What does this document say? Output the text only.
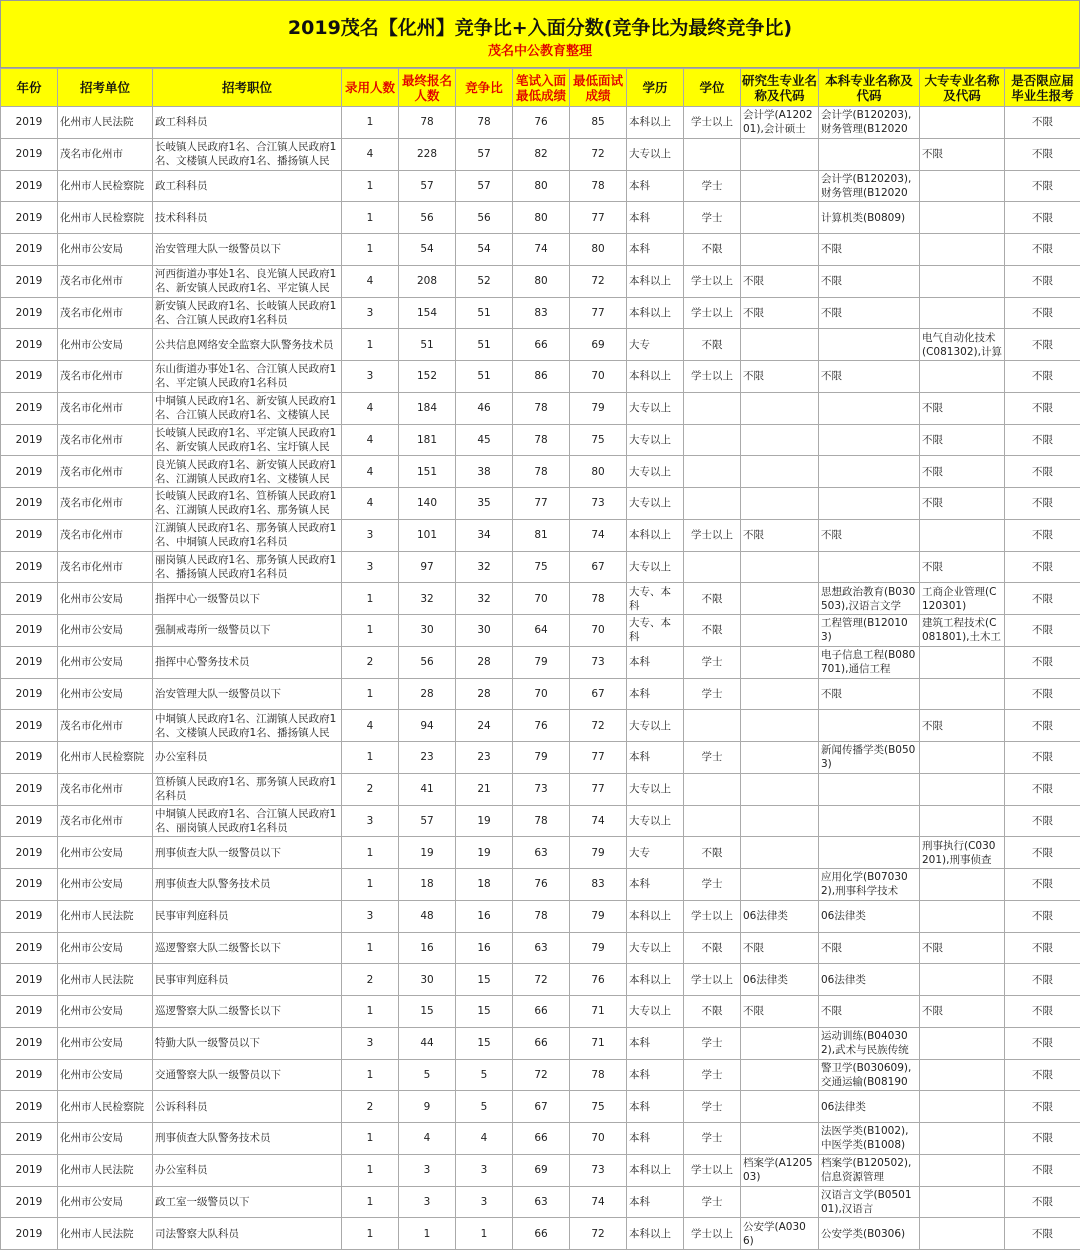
2019茂名【化州】竞争比+入面分数(竞争比为最终竞争比)
茂名中公教育整理
年份	招考单位	招考职位	录用人数	最终报名人数	竞争比	笔试入面最低成绩	最低面试成绩	学历	学位	研究生专业名称及代码	本科专业名称及代码	大专专业名称及代码	是否限应届毕业生报考

2019	化州市人民法院	政工科科员	1	78	78	76	85	本科以上	学士以上	会计学(A120201),会计硕士	会计学(B120203),财务管理(B12020		不限

2019	茂名市化州市	长岐镇人民政府1名、合江镇人民政府1名、文楼镇人民政府1名、播扬镇人民	4	228	57	82	72	大专以上				不限	不限

2019	化州市人民检察院	政工科科员	1	57	57	80	78	本科	学士		会计学(B120203),财务管理(B12020		不限

2019	化州市人民检察院	技术科科员	1	56	56	80	77	本科	学士		计算机类(B0809)		不限

2019	化州市公安局	治安管理大队一级警员以下	1	54	54	74	80	本科	不限		不限		不限

2019	茂名市化州市	河西街道办事处1名、良光镇人民政府1名、新安镇人民政府1名、平定镇人民	4	208	52	80	72	本科以上	学士以上	不限	不限		不限

2019	茂名市化州市	新安镇人民政府1名、长岐镇人民政府1名、合江镇人民政府1名科员	3	154	51	83	77	本科以上	学士以上	不限	不限		不限

2019	化州市公安局	公共信息网络安全监察大队警务技术员	1	51	51	66	69	大专	不限			电气自动化技术(C081302),计算	不限

2019	茂名市化州市	东山街道办事处1名、合江镇人民政府1名、平定镇人民政府1名科员	3	152	51	86	70	本科以上	学士以上	不限	不限		不限

2019	茂名市化州市	中垌镇人民政府1名、新安镇人民政府1名、合江镇人民政府1名、文楼镇人民	4	184	46	78	79	大专以上				不限	不限

2019	茂名市化州市	长岐镇人民政府1名、平定镇人民政府1名、新安镇人民政府1名、宝圩镇人民	4	181	45	78	75	大专以上				不限	不限

2019	茂名市化州市	良光镇人民政府1名、新安镇人民政府1名、江湖镇人民政府1名、文楼镇人民	4	151	38	78	80	大专以上				不限	不限

2019	茂名市化州市	长岐镇人民政府1名、笪桥镇人民政府1名、江湖镇人民政府1名、那务镇人民	4	140	35	77	73	大专以上				不限	不限

2019	茂名市化州市	江湖镇人民政府1名、那务镇人民政府1名、中垌镇人民政府1名科员	3	101	34	81	74	本科以上	学士以上	不限	不限		不限

2019	茂名市化州市	丽岗镇人民政府1名、那务镇人民政府1名、播扬镇人民政府1名科员	3	97	32	75	67	大专以上				不限	不限

2019	化州市公安局	指挥中心一级警员以下	1	32	32	70	78	大专、本科	不限		思想政治教育(B030503),汉语言文学	工商企业管理(C120301)	不限

2019	化州市公安局	强制戒毒所一级警员以下	1	30	30	64	70	大专、本科	不限		工程管理(B120103)	建筑工程技术(C081801),土木工	不限

2019	化州市公安局	指挥中心警务技术员	2	56	28	79	73	本科	学士		电子信息工程(B080701),通信工程		不限

2019	化州市公安局	治安管理大队一级警员以下	1	28	28	70	67	本科	学士		不限		不限

2019	茂名市化州市	中垌镇人民政府1名、江湖镇人民政府1名、文楼镇人民政府1名、播扬镇人民	4	94	24	76	72	大专以上				不限	不限

2019	化州市人民检察院	办公室科员	1	23	23	79	77	本科	学士		新闻传播学类(B0503)		不限

2019	茂名市化州市	笪桥镇人民政府1名、那务镇人民政府1名科员	2	41	21	73	77	大专以上					不限

2019	茂名市化州市	中垌镇人民政府1名、合江镇人民政府1名、丽岗镇人民政府1名科员	3	57	19	78	74	大专以上					不限

2019	化州市公安局	刑事侦查大队一级警员以下	1	19	19	63	79	大专	不限			刑事执行(C030201),刑事侦查	不限

2019	化州市公安局	刑事侦查大队警务技术员	1	18	18	76	83	本科	学士		应用化学(B070302),刑事科学技术		不限

2019	化州市人民法院	民事审判庭科员	3	48	16	78	79	本科以上	学士以上	06法律类	06法律类		不限

2019	化州市公安局	巡逻警察大队二级警长以下	1	16	16	63	79	大专以上	不限	不限	不限	不限	不限

2019	化州市人民法院	民事审判庭科员	2	30	15	72	76	本科以上	学士以上	06法律类	06法律类		不限

2019	化州市公安局	巡逻警察大队二级警长以下	1	15	15	66	71	大专以上	不限	不限	不限	不限	不限

2019	化州市公安局	特勤大队一级警员以下	3	44	15	66	71	本科	学士		运动训练(B040302),武术与民族传统		不限

2019	化州市公安局	交通警察大队一级警员以下	1	5	5	72	78	本科	学士		警卫学(B030609),交通运输(B08190		不限

2019	化州市人民检察院	公诉科科员	2	9	5	67	75	本科	学士		06法律类		不限

2019	化州市公安局	刑事侦查大队警务技术员	1	4	4	66	70	本科	学士		法医学类(B1002),中医学类(B1008)		不限

2019	化州市人民法院	办公室科员	1	3	3	69	73	本科以上	学士以上	档案学(A120503)	档案学(B120502),信息资源管理		不限

2019	化州市公安局	政工室一级警员以下	1	3	3	63	74	本科	学士		汉语言文学(B050101),汉语言		不限

2019	化州市人民法院	司法警察大队科员	1	1	1	66	72	本科以上	学士以上	公安学(A0306)	公安学类(B0306)		不限
